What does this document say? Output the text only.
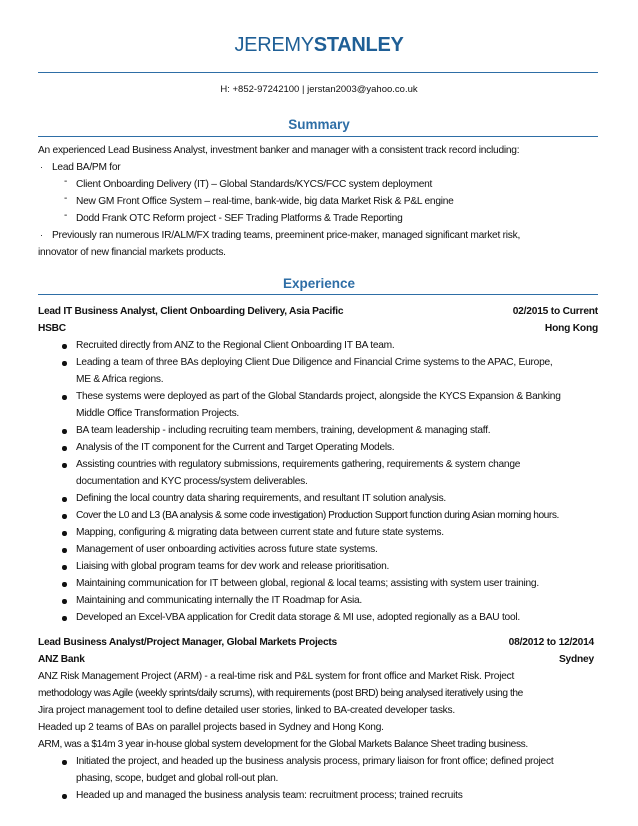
JEREMYSTANLEY
H: +852-97242100 | jerstan2003@yahoo.co.uk
Summary
An experienced Lead Business Analyst, investment banker and manager with a consistent track record including:
· Lead BA/PM for
- Client Onboarding Delivery (IT) – Global Standards/KYCS/FCC system deployment
- New GM Front Office System – real-time, bank-wide, big data Market Risk & P&L engine
- Dodd Frank OTC Reform project - SEF Trading Platforms & Trade Reporting
· Previously ran numerous IR/ALM/FX trading teams, preeminent price-maker, managed significant market risk,
innovator of new financial markets products.
Experience
Lead IT Business Analyst, Client Onboarding Delivery, Asia Pacific	02/2015 to Current
HSBC	Hong Kong
Recruited directly from ANZ to the Regional Client Onboarding IT BA team.
Leading a team of three BAs deploying Client Due Diligence and Financial Crime systems to the APAC, Europe,
ME & Africa regions.
These systems were deployed as part of the Global Standards project, alongside the KYCS Expansion & Banking
Middle Office Transformation Projects.
BA team leadership - including recruiting team members, training, development & managing staff.
Analysis of the IT component for the Current and Target Operating Models.
Assisting countries with regulatory submissions, requirements gathering, requirements & system change
documentation and KYC process/system deliverables.
Defining the local country data sharing requirements, and resultant IT solution analysis.
Cover the L0 and L3 (BA analysis & some code investigation) Production Support function during Asian morning hours.
Mapping, configuring & migrating data between current state and future state systems.
Management of user onboarding activities across future state systems.
Liaising with global program teams for dev work and release prioritisation.
Maintaining communication for IT between global, regional & local teams; assisting with system user training.
Maintaining and communicating internally the IT Roadmap for Asia.
Developed an Excel-VBA application for Credit data storage & MI use, adopted regionally as a BAU tool.
Lead Business Analyst/Project Manager, Global Markets Projects	08/2012 to 12/2014
ANZ Bank	Sydney
ANZ Risk Management Project (ARM) - a real-time risk and P&L system for front office and Market Risk. Project
methodology was Agile (weekly sprints/daily scrums), with requirements (post BRD) being analysed iteratively using the
Jira project management tool to define detailed user stories, linked to BA-created developer tasks.
Headed up 2 teams of BAs on parallel projects based in Sydney and Hong Kong.
ARM, was a $14m 3 year in-house global system development for the Global Markets Balance Sheet trading business.
Initiated the project, and headed up the business analysis process, primary liaison for front office; defined project
phasing, scope, budget and global roll-out plan.
Headed up and managed the business analysis team: recruitment process; trained recruits
